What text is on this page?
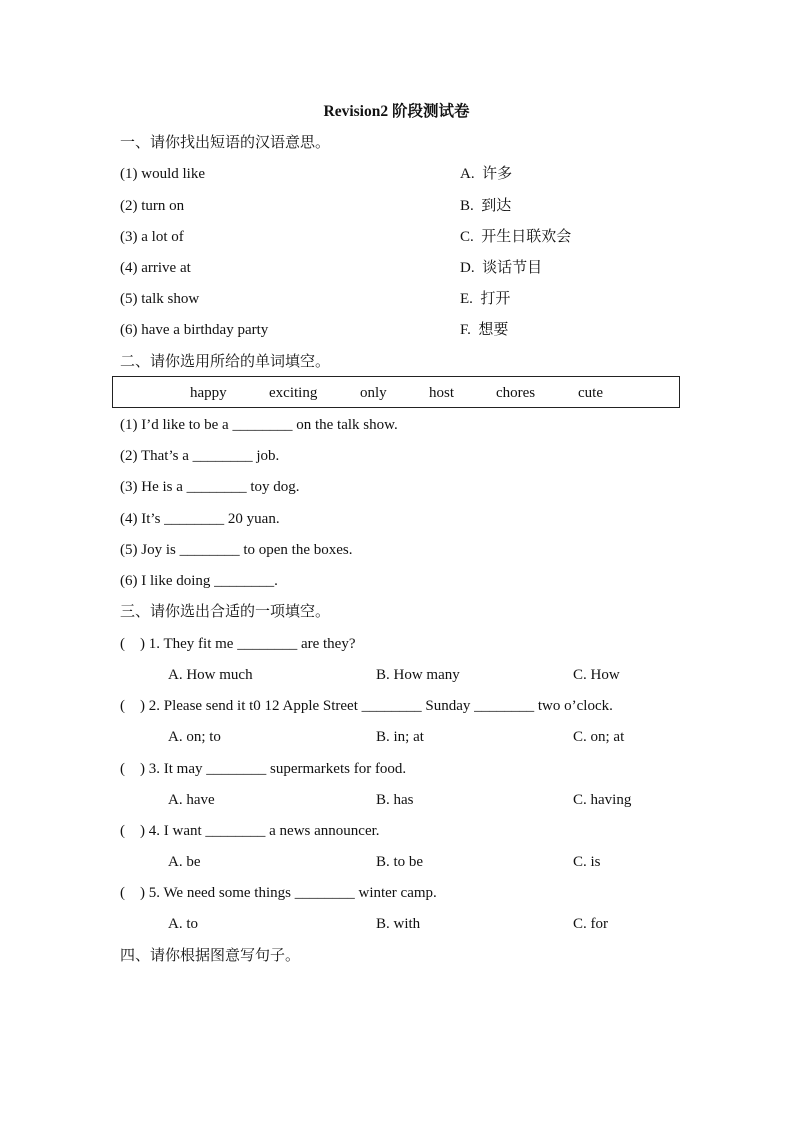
Revision2 阶段测试卷
一、请你找出短语的汉语意思。
(1) would like	A.  许多
(2) turn on	B.  到达
(3) a lot of	C.  开生日联欢会
(4) arrive at	D.  谈话节目
(5) talk show	E.  打开
(6) have a birthday party	F.  想要
二、请你选用所给的单词填空。
happy	exciting	only	host	chores	cute
(1) I’d like to be a ________ on the talk show.
(2) That’s a ________ job.
(3) He is a ________ toy dog.
(4) It’s ________ 20 yuan.
(5) Joy is ________ to open the boxes.
(6) I like doing ________.
三、请你选出合适的一项填空。
(    ) 1. They fit me ________ are they?
A. How much	B. How many	C. How
(    ) 2. Please send it t0 12 Apple Street ________ Sunday ________ two o’clock.
A. on; to	B. in; at	C. on; at
(    ) 3. It may ________ supermarkets for food.
A. have	B. has	C. having
(    ) 4. I want ________ a news announcer.
A. be	B. to be	C. is
(    ) 5. We need some things ________ winter camp.
A. to	B. with	C. for
四、请你根据图意写句子。
